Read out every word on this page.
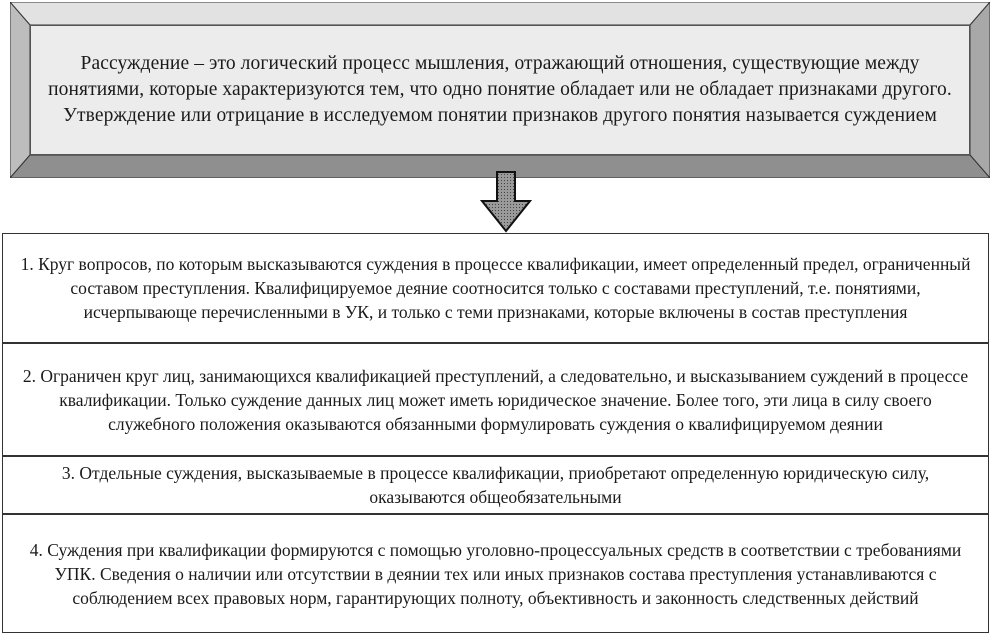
Рассуждение – это логический процесс мышления, отражающий отношения, существующие между понятиями, которые характеризуются тем, что одно понятие обладает или не обладает признаками другого. Утверждение или отрицание в исследуемом понятии признаков другого понятия называется суждением
1. Круг вопросов, по которым высказываются суждения в процессе квалификации, имеет определенный предел, ограниченный составом преступления. Квалифицируемое деяние соотносится только с составами преступлений, т.е. понятиями, исчерпывающе перечисленными в УК, и только с теми признаками, которые включены в состав преступления
2. Ограничен круг лиц, занимающихся квалификацией преступлений, а следовательно, и высказыванием суждений в процессе квалификации. Только суждение данных лиц может иметь юридическое значение. Более того, эти лица в силу своего служебного положения оказываются обязанными формулировать суждения о квалифицируемом деянии
3. Отдельные суждения, высказываемые в процессе квалификации, приобретают определенную юридическую силу, оказываются общеобязательными
4. Суждения при квалификации формируются с помощью уголовно-процессуальных средств в соответствии с требованиями УПК. Сведения о наличии или отсутствии в деянии тех или иных признаков состава преступления устанавливаются с соблюдением всех правовых норм, гарантирующих полноту, объективность и законность следственных действий
